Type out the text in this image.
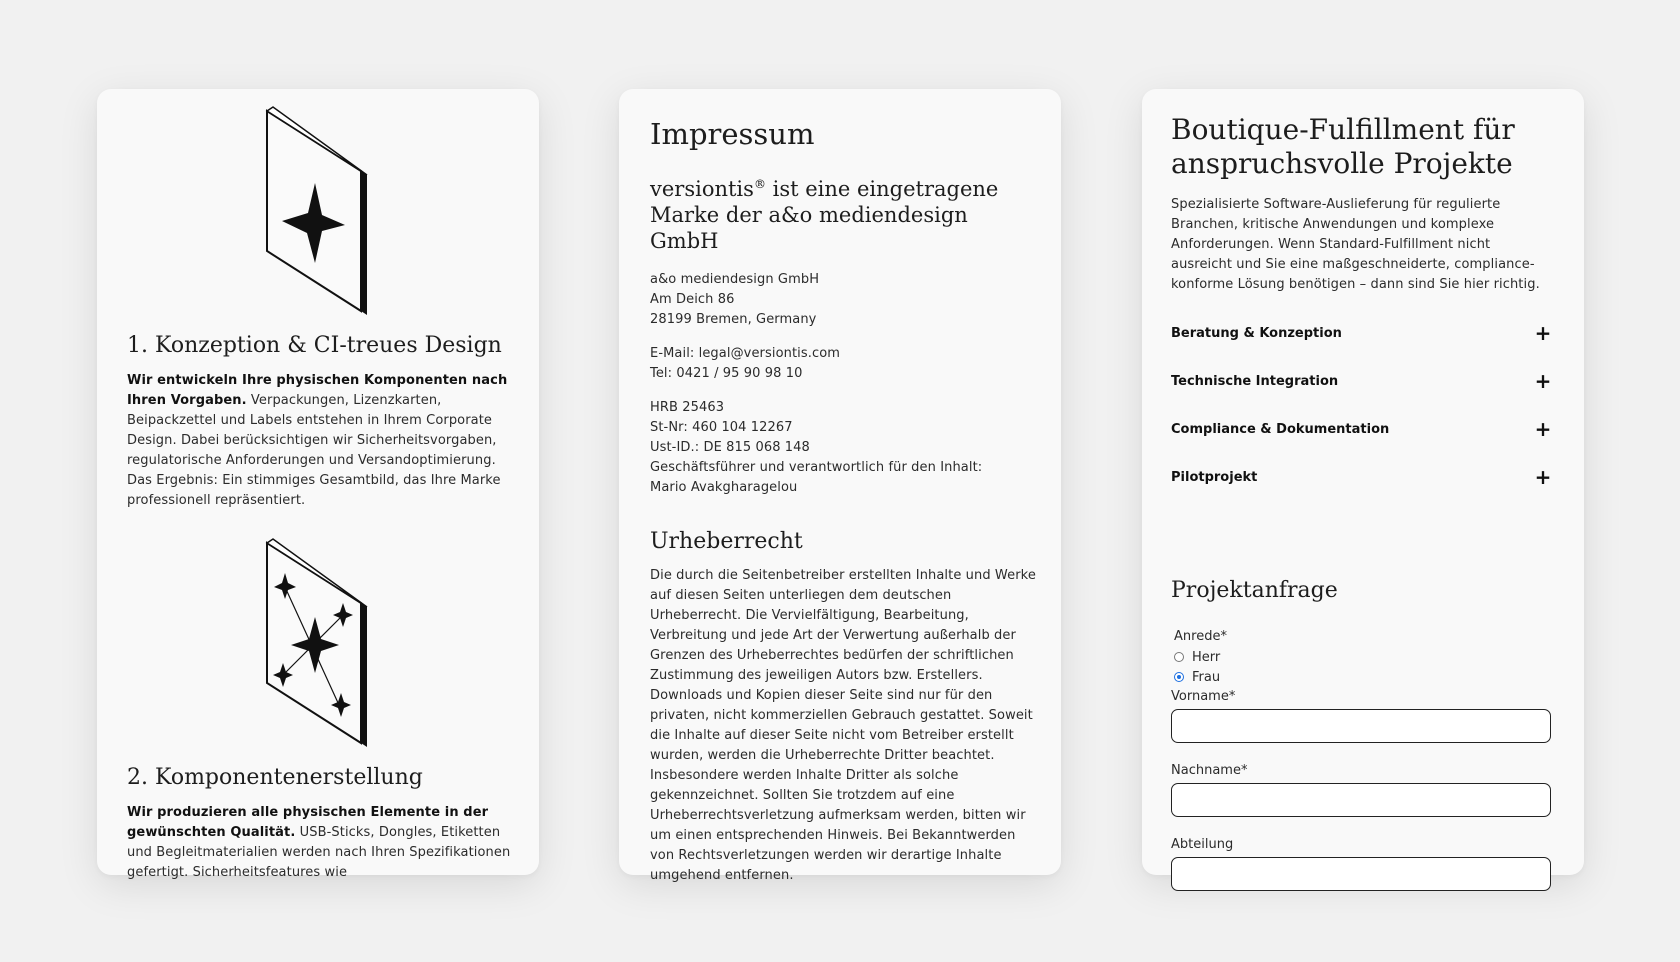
1. Konzeption & CI-treues Design

Wir entwickeln Ihre physischen Komponenten nach Ihren Vorgaben. Verpackungen, Lizenzkarten, Beipackzettel und Labels entstehen in Ihrem Corporate Design. Dabei berücksichtigen wir Sicherheitsvorgaben, regulatorische Anforderungen und Versandoptimierung. Das Ergebnis: Ein stimmiges Gesamtbild, das Ihre Marke professionell repräsentiert.

2. Komponentenerstellung

Wir produzieren alle physischen Elemente in der gewünschten Qualität. USB-Sticks, Dongles, Etiketten und Begleitmaterialien werden nach Ihren Spezifikationen gefertigt. Sicherheitsfeatures wie

Impressum

versiontis® ist eine eingetragene Marke der a&o mediendesign GmbH

a&o mediendesign GmbH
Am Deich 86
28199 Bremen, Germany
E-Mail: legal@versiontis.com
Tel: 0421 / 95 90 98 10
HRB 25463
St-Nr: 460 104 12267
Ust-ID.: DE 815 068 148
Geschäftsführer und verantwortlich für den Inhalt:
Mario Avakgharagelou
Urheberrecht

Die durch die Seitenbetreiber erstellten Inhalte und Werke auf diesen Seiten unterliegen dem deutschen Urheberrecht. Die Vervielfältigung, Bearbeitung, Verbreitung und jede Art der Verwertung außerhalb der Grenzen des Urheberrechtes bedürfen der schriftlichen Zustimmung des jeweiligen Autors bzw. Erstellers. Downloads und Kopien dieser Seite sind nur für den privaten, nicht kommerziellen Gebrauch gestattet. Soweit die Inhalte auf dieser Seite nicht vom Betreiber erstellt wurden, werden die Urheberrechte Dritter beachtet. Insbesondere werden Inhalte Dritter als solche gekennzeichnet. Sollten Sie trotzdem auf eine Urheberrechtsverletzung aufmerksam werden, bitten wir um einen entsprechenden Hinweis. Bei Bekanntwerden von Rechtsverletzungen werden wir derartige Inhalte umgehend entfernen.

Boutique-Fulfillment für anspruchsvolle Projekte

Spezialisierte Software-Auslieferung für regulierte Branchen, kritische Anwendungen und komplexe Anforderungen. Wenn Standard-Fulfillment nicht ausreicht und Sie eine maßgeschneiderte, compliance-konforme Lösung benötigen – dann sind Sie hier richtig.

Beratung & Konzeption	+
Technische Integration	+
Compliance & Dokumentation	+
Pilotprojekt	+
Projektanfrage
Anrede*
Herr
Frau
Vorname*
Nachname*
Abteilung
